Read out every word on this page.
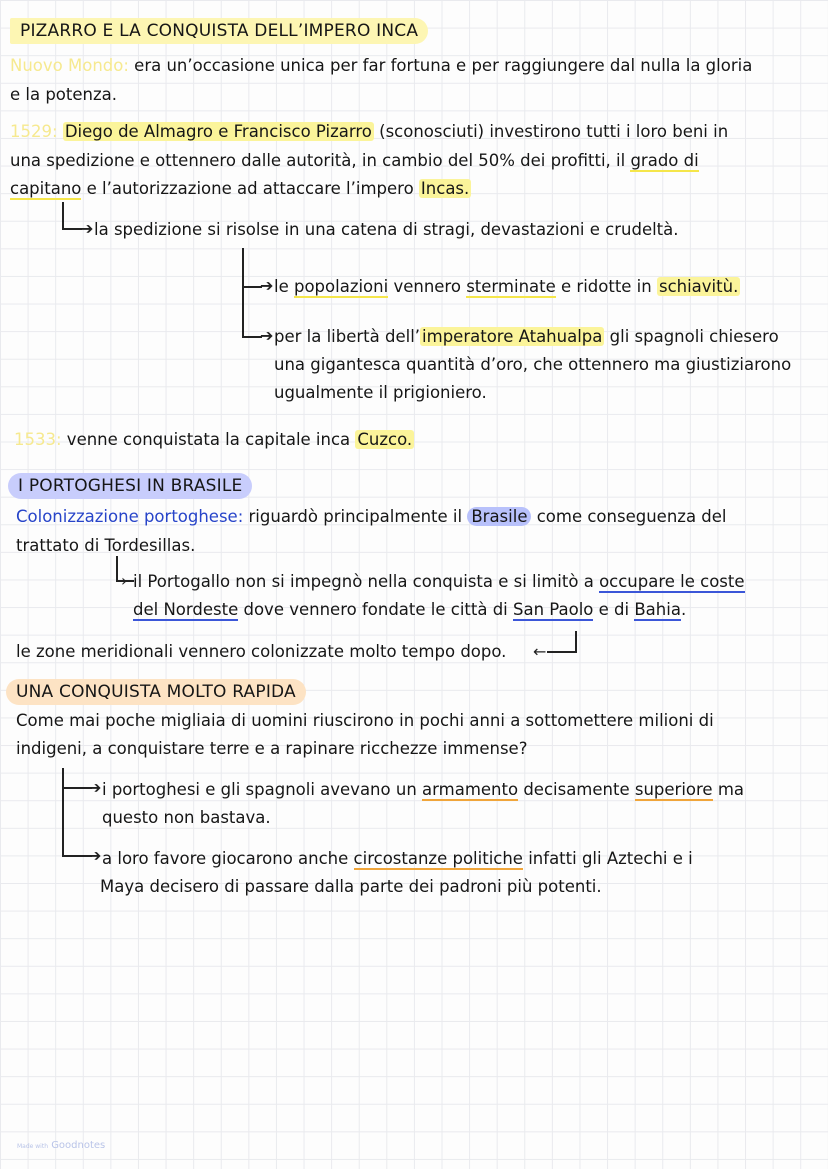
PIZARRO E LA CONQUISTA DELL’IMPERO INCA
Nuovo Mondo: era un’occasione unica per far fortuna e per raggiungere dal nulla la gloria
e la potenza.
1529: Diego de Almagro e Francisco Pizarro (sconosciuti) investirono tutti i loro beni in
una spedizione e ottennero dalle autorità, in cambio del 50% dei profitti, il grado di
capitano e l’autorizzazione ad attaccare l’impero Incas.
➔ la spedizione si risolse in una catena di stragi, devastazioni e crudeltà.
➔
➔
le popolazioni vennero sterminate e ridotte in schiavitù.
per la libertà dell’ imperatore Atahualpa gli spagnoli chiesero
una gigantesca quantità d’oro, che ottennero ma giustiziarono
ugualmente il prigioniero.
1533: venne conquistata la capitale inca Cuzco.
I PORTOGHESI IN BRASILE
Colonizzazione portoghese: riguardò principalmente il Brasile come conseguenza del
trattato di Tordesillas.
› il Portogallo non si impegnò nella conquista e si limitò a occupare le coste
del Nordeste dove vennero fondate le città di San Paolo e di Bahia.
le zone meridionali vennero colonizzate molto tempo dopo. ←
UNA CONQUISTA MOLTO RAPIDA
Come mai poche migliaia di uomini riuscirono in pochi anni a sottomettere milioni di
indigeni, a conquistare terre e a rapinare ricchezze immense?
➔
➔
i portoghesi e gli spagnoli avevano un armamento decisamente superiore ma
questo non bastava.
a loro favore giocarono anche circostanze politiche infatti gli Aztechi e i
Maya decisero di passare dalla parte dei padroni più potenti.
Made with Goodnotes
